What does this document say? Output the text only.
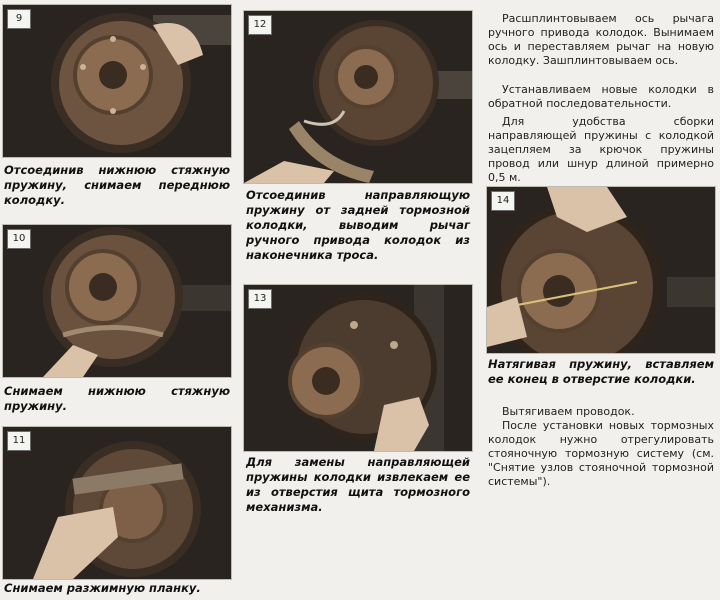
9

Отсоединив нижнюю стяжную пружину, снимаем переднюю колодку.

10

Снимаем нижнюю стяжную пружину.

11

Снимаем разжимную планку.

12

Отсоединив направляющую пружину от задней тормозной колодки, выводим рычаг ручного привода колодок из наконечника троса.

13

Для замены направляющей пружины колодки извлекаем ее из отверстия щита тормозного механизма.

Расшплинтовываем ось рычага ручного привода колодок. Вынимаем ось и переставляем рычаг на новую колодку. Зашплинтовываем ось.

Устанавливаем новые колодки в обратной последовательности.

Для удобства сборки направляющей пружины с колодкой зацепляем за крючок пружины провод или шнур длиной примерно 0,5 м.

14

Натягивая пружину, вставляем ее конец в отверстие колодки.

Вытягиваем проводок.

После установки новых тормозных колодок нужно отрегулировать стояночную тормозную систему (см. "Снятие узлов стояночной тормозной системы").
